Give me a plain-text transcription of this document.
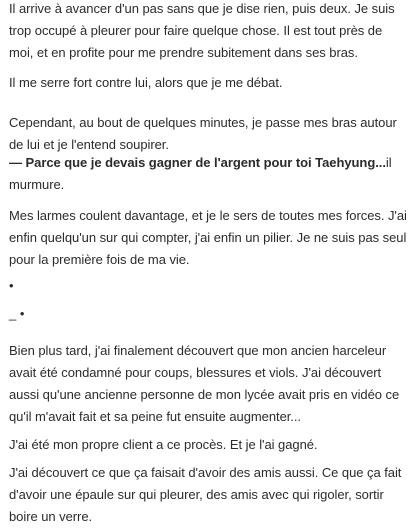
Il arrive à avancer d'un pas sans que je dise rien, puis deux. Je suis trop occupé à pleurer pour faire quelque chose. Il est tout près de moi, et en profite pour me prendre subitement dans ses bras.

Il me serre fort contre lui, alors que je me débat.

Cependant, au bout de quelques minutes, je passe mes bras autour de lui et je l'entend soupirer.

— Parce que je devais gagner de l'argent pour toi Taehyung...il murmure.

Mes larmes coulent davantage, et je le sers de toutes mes forces. J'ai enfin quelqu'un sur qui compter, j'ai enfin un pilier. Je ne suis pas seul pour la première fois de ma vie.

•
_ •

Bien plus tard, j'ai finalement découvert que mon ancien harceleur avait été condamné pour coups, blessures et viols. J'ai découvert aussi qu'une ancienne personne de mon lycée avait pris en vidéo ce qu'il m'avait fait et sa peine fut ensuite augmenter...

J'ai été mon propre client a ce procès. Et je l'ai gagné.

J'ai découvert ce que ça faisait d'avoir des amis aussi. Ce que ça fait d'avoir une épaule sur qui pleurer, des amis avec qui rigoler, sortir boire un verre.
